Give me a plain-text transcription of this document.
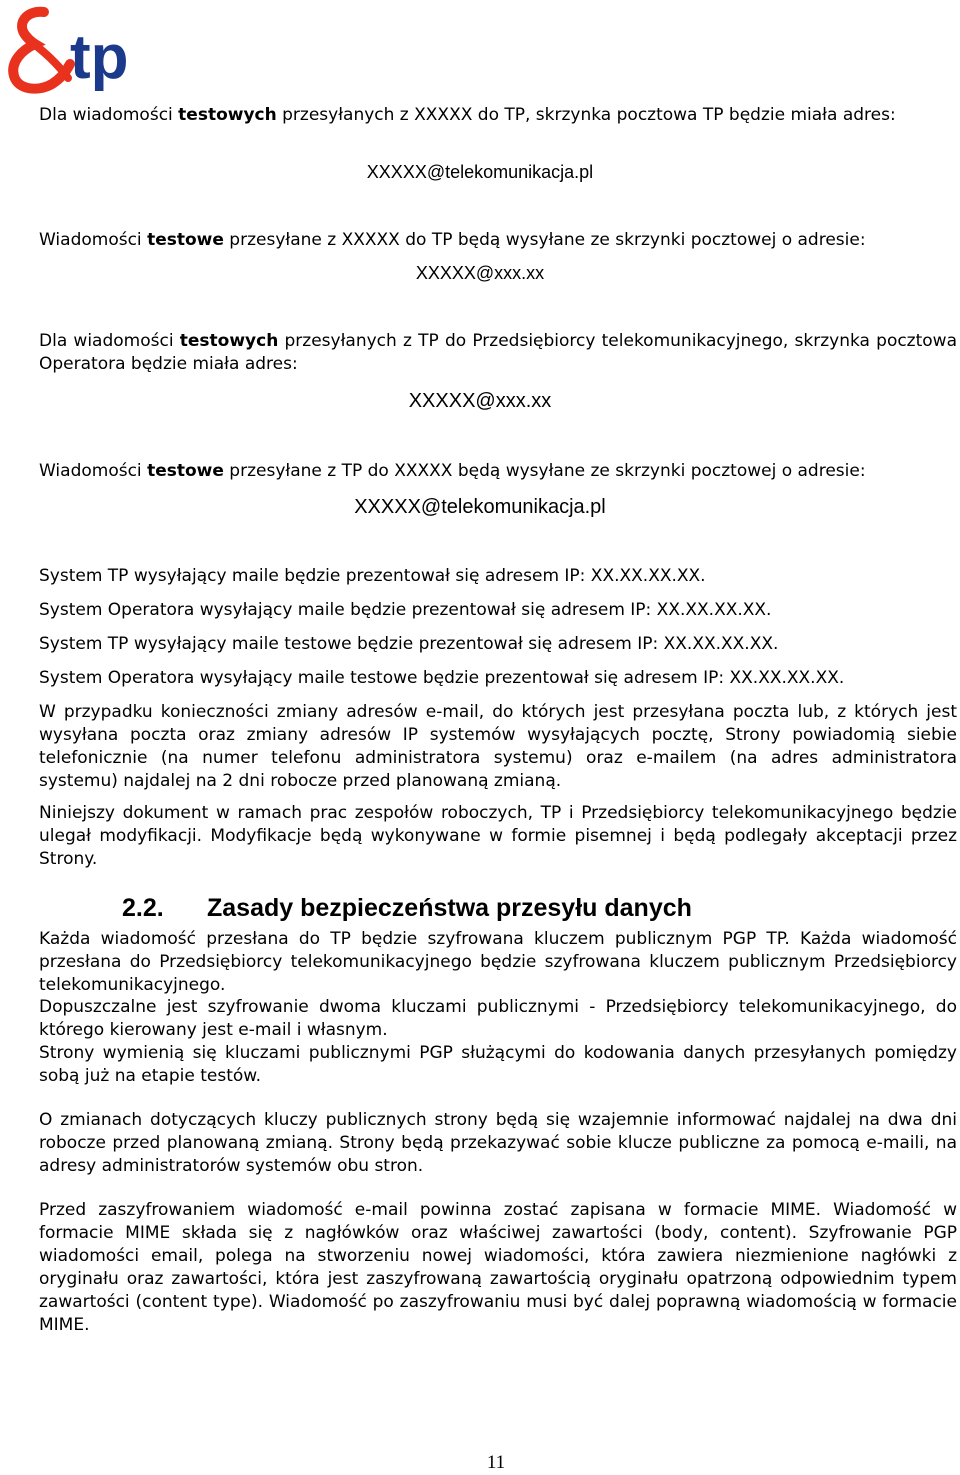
tp

Dla wiadomości testowych przesyłanych z XXXXX do TP, skrzynka pocztowa TP będzie miała adres:

XXXXX@telekomunikacja.pl
Wiadomości testowe przesyłane z XXXXX do TP będą wysyłane ze skrzynki pocztowej o adresie:
XXXXX@xxx.xx

Dla wiadomości testowych przesyłanych z TP do Przedsiębiorcy telekomunikacyjnego, skrzynka pocztowa Operatora będzie miała adres:

XXXXX@xxx.xx
Wiadomości testowe przesyłane z TP do XXXXX będą wysyłane ze skrzynki pocztowej o adresie:
XXXXX@telekomunikacja.pl
System TP wysyłający maile będzie prezentował się adresem IP: XX.XX.XX.XX.
System Operatora wysyłający maile będzie prezentował się adresem IP: XX.XX.XX.XX.
System TP wysyłający maile testowe będzie prezentował się adresem IP: XX.XX.XX.XX.
System Operatora wysyłający maile testowe będzie prezentował się adresem IP: XX.XX.XX.XX.

W przypadku konieczności zmiany adresów e-mail, do których jest przesyłana poczta lub, z których jest wysyłana poczta oraz zmiany adresów IP systemów wysyłających pocztę, Strony powiadomią siebie telefonicznie (na numer telefonu administratora systemu) oraz e-mailem (na adres administratora systemu) najdalej na 2 dni robocze przed planowaną zmianą.

Niniejszy dokument w ramach prac zespołów roboczych, TP i Przedsiębiorcy telekomunikacyjnego będzie ulegał modyfikacji. Modyfikacje będą wykonywane w formie pisemnej i będą podlegały akceptacji przez Strony.

2.2. Zasady bezpieczeństwa przesyłu danych

Każda wiadomość przesłana do TP będzie szyfrowana kluczem publicznym PGP TP. Każda wiadomość przesłana do Przedsiębiorcy telekomunikacyjnego będzie szyfrowana kluczem publicznym Przedsiębiorcy telekomunikacyjnego.

Dopuszczalne jest szyfrowanie dwoma kluczami publicznymi - Przedsiębiorcy telekomunikacyjnego, do którego kierowany jest e-mail i własnym.

Strony wymienią się kluczami publicznymi PGP służącymi do kodowania danych przesyłanych pomiędzy sobą już na etapie testów.

O zmianach dotyczących kluczy publicznych strony będą się wzajemnie informować najdalej na dwa dni robocze przed planowaną zmianą. Strony będą przekazywać sobie klucze publiczne za pomocą e-maili, na adresy administratorów systemów obu stron.

Przed zaszyfrowaniem wiadomość e-mail powinna zostać zapisana w formacie MIME. Wiadomość w formacie MIME składa się z nagłówków oraz właściwej zawartości (body, content). Szyfrowanie PGP wiadomości email, polega na stworzeniu nowej wiadomości, która zawiera niezmienione nagłówki z oryginału oraz zawartości, która jest zaszyfrowaną zawartością oryginału opatrzoną odpowiednim typem zawartości (content type). Wiadomość po zaszyfrowaniu musi być dalej poprawną wiadomością w formacie MIME.

11
